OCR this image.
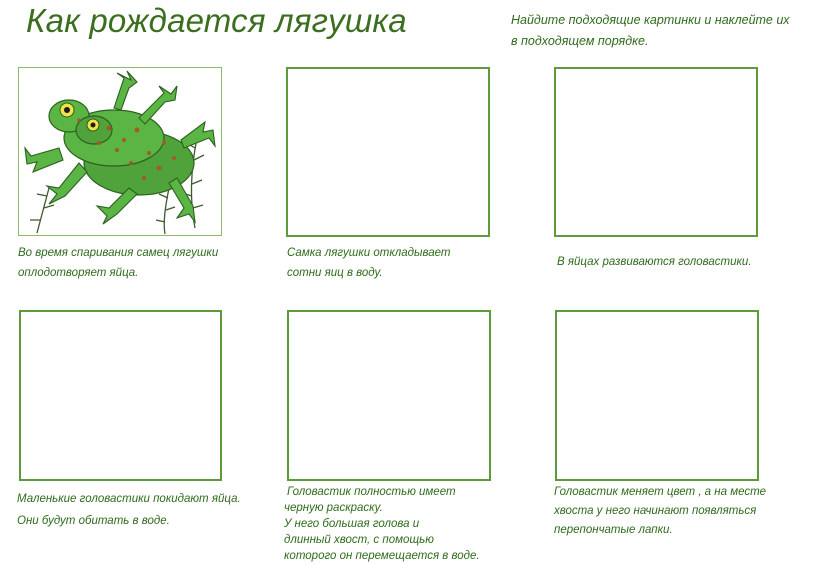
Как рождается лягушка	Найдите подходящие картинки и наклейте их
в подходящем порядке.
Во время спаривания самец лягушки
оплодотворяет яйца.
Самка лягушки откладывает
сотни яиц в воду.
В яйцах развиваются головастики.
Маленькие головастики покидают яйца.
Они будут обитать в воде.
Головастик полностью имеет
черную раскраску.
У него большая голова и
длинный хвост, с помощью
которого он перемещается в воде.
Головастик меняет цвет , а на месте
хвоста у него начинают появляться
перепончатые лапки.
